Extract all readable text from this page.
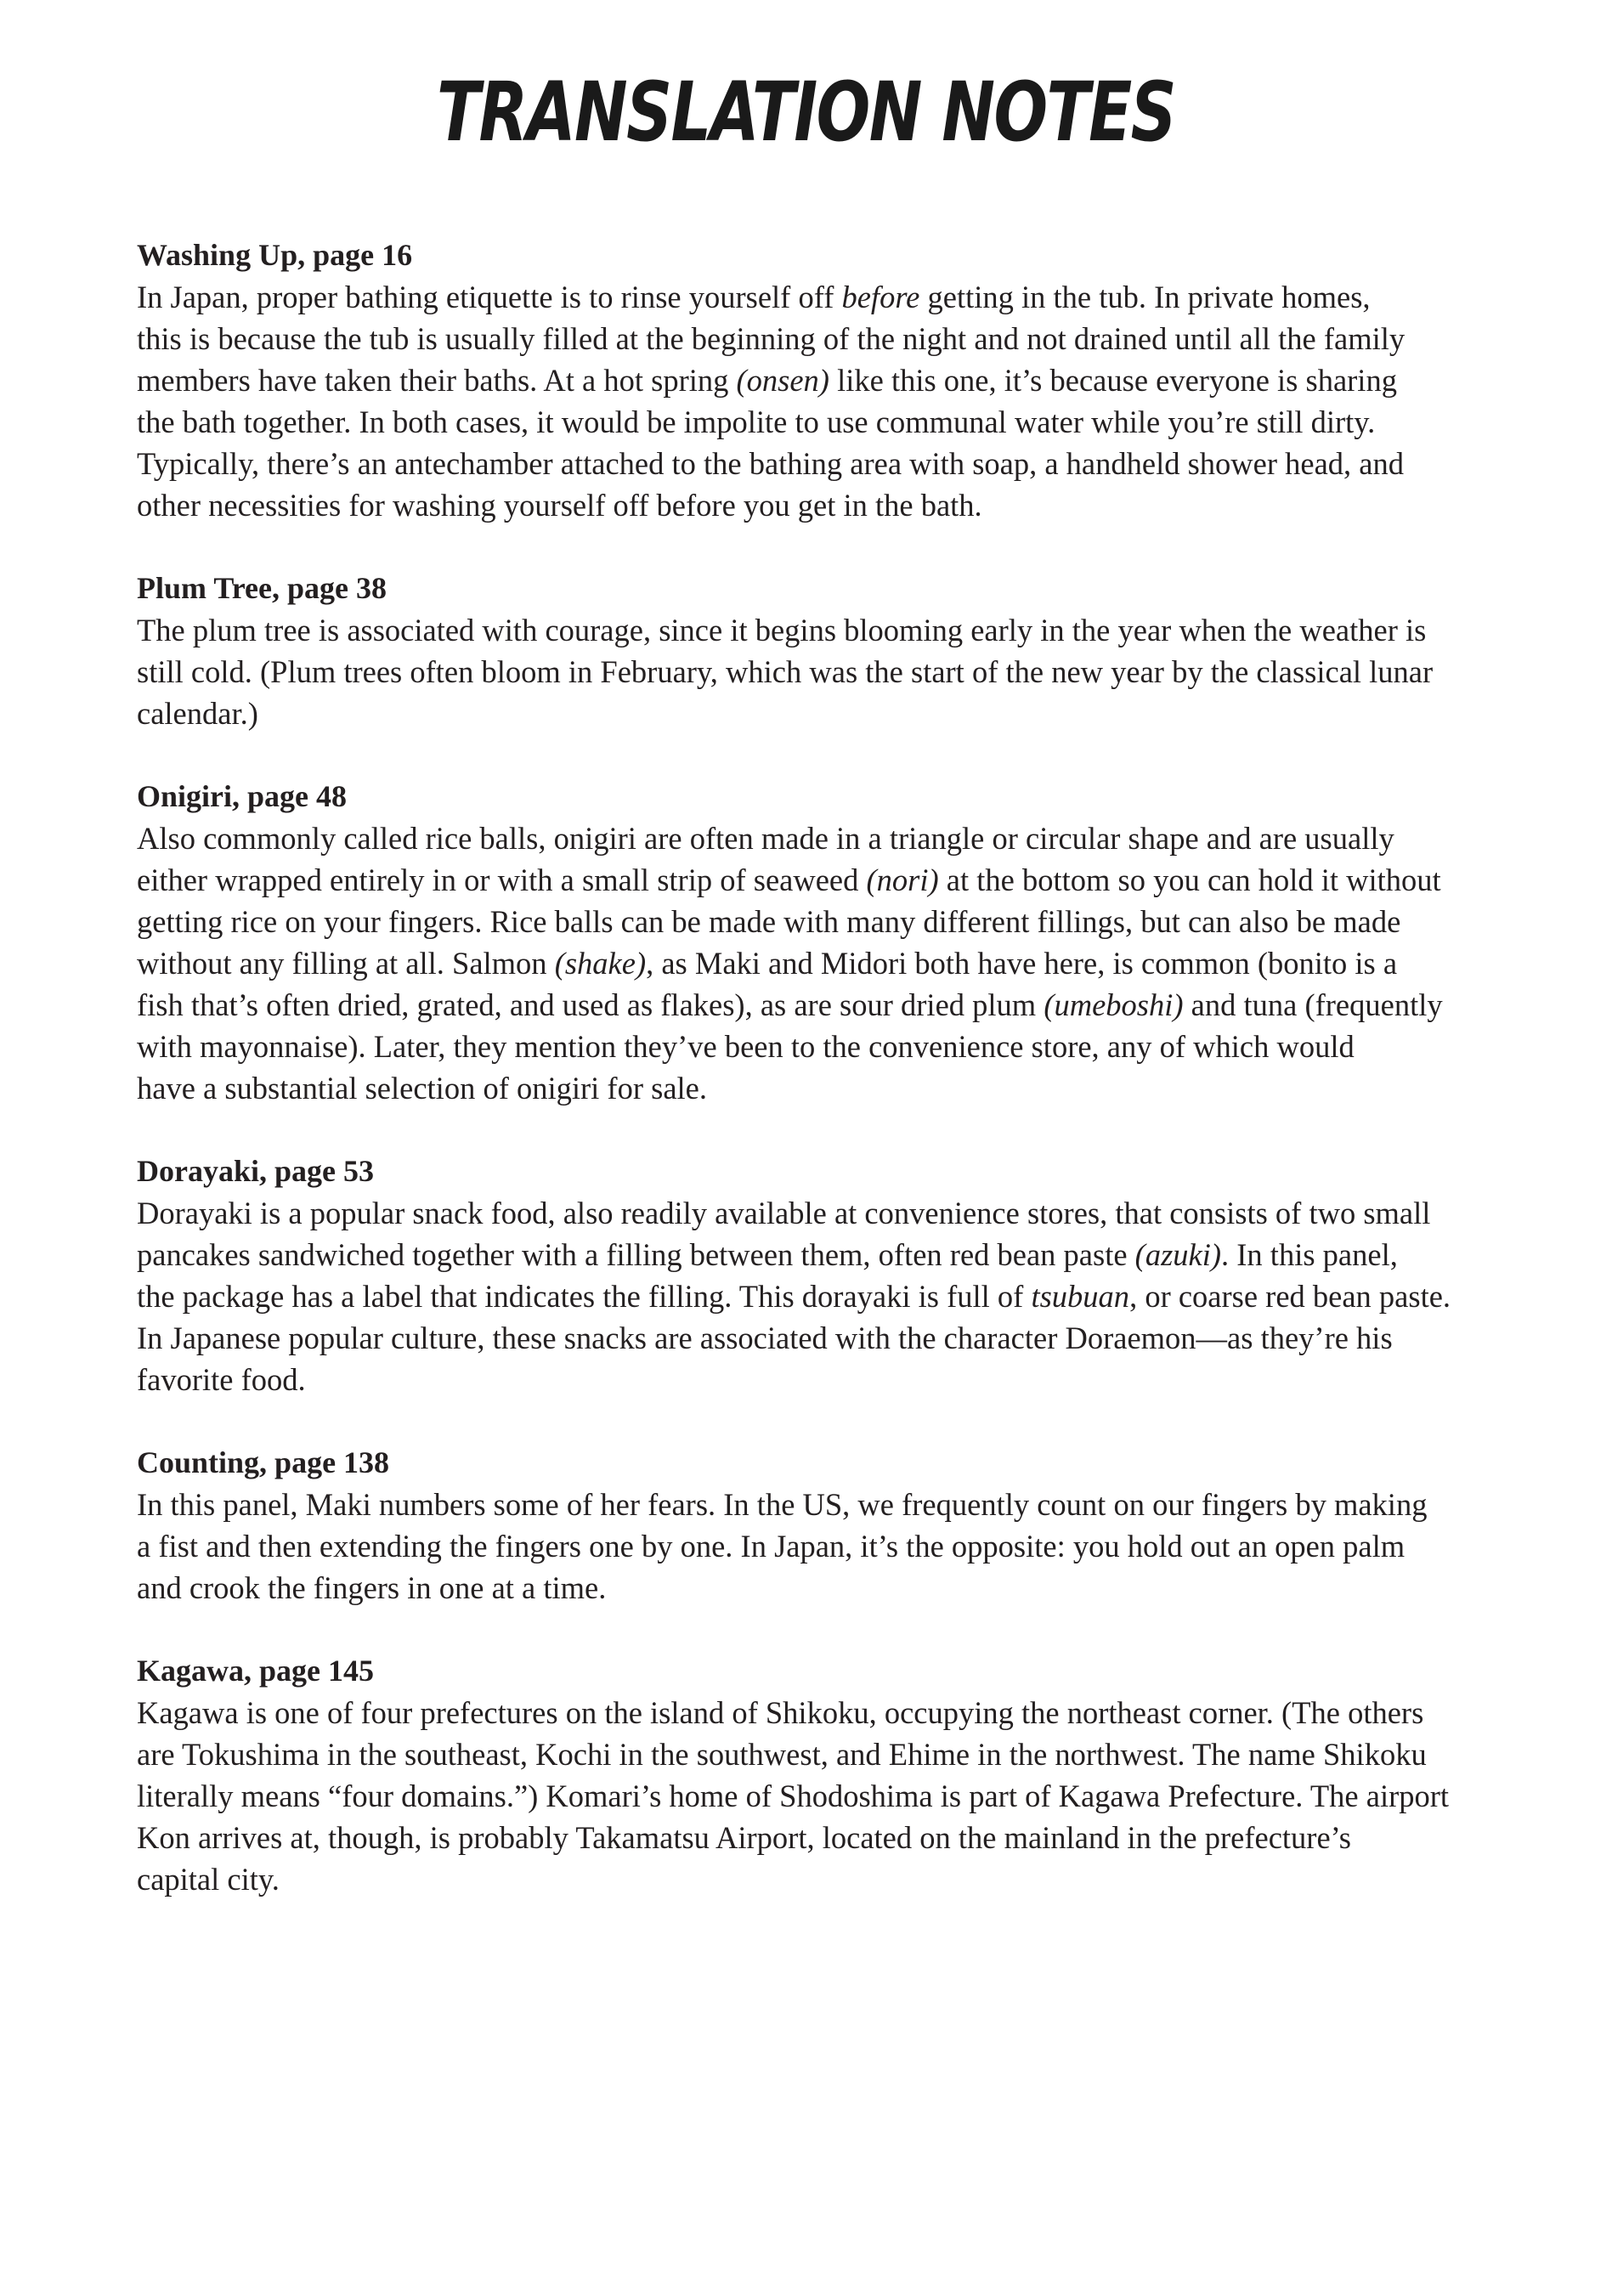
TRANSLATION NOTES
Washing Up, page 16
In Japan, proper bathing etiquette is to rinse yourself off before getting in the tub. In private homes,
this is because the tub is usually filled at the beginning of the night and not drained until all the family
members have taken their baths. At a hot spring (onsen) like this one, it’s because everyone is sharing
the bath together. In both cases, it would be impolite to use communal water while you’re still dirty.
Typically, there’s an antechamber attached to the bathing area with soap, a handheld shower head, and
other necessities for washing yourself off before you get in the bath.
Plum Tree, page 38
The plum tree is associated with courage, since it begins blooming early in the year when the weather is
still cold. (Plum trees often bloom in February, which was the start of the new year by the classical lunar
calendar.)
Onigiri, page 48
Also commonly called rice balls, onigiri are often made in a triangle or circular shape and are usually
either wrapped entirely in or with a small strip of seaweed (nori) at the bottom so you can hold it without
getting rice on your fingers. Rice balls can be made with many different fillings, but can also be made
without any filling at all. Salmon (shake), as Maki and Midori both have here, is common (bonito is a
fish that’s often dried, grated, and used as flakes), as are sour dried plum (umeboshi) and tuna (frequently
with mayonnaise). Later, they mention they’ve been to the convenience store, any of which would
have a substantial selection of onigiri for sale.
Dorayaki, page 53
Dorayaki is a popular snack food, also readily available at convenience stores, that consists of two small
pancakes sandwiched together with a filling between them, often red bean paste (azuki). In this panel,
the package has a label that indicates the filling. This dorayaki is full of tsubuan, or coarse red bean paste.
In Japanese popular culture, these snacks are associated with the character Doraemon—as they’re his
favorite food.
Counting, page 138
In this panel, Maki numbers some of her fears. In the US, we frequently count on our fingers by making
a fist and then extending the fingers one by one. In Japan, it’s the opposite: you hold out an open palm
and crook the fingers in one at a time.
Kagawa, page 145
Kagawa is one of four prefectures on the island of Shikoku, occupying the northeast corner. (The others
are Tokushima in the southeast, Kochi in the southwest, and Ehime in the northwest. The name Shikoku
literally means “four domains.”) Komari’s home of Shodoshima is part of Kagawa Prefecture. The airport
Kon arrives at, though, is probably Takamatsu Airport, located on the mainland in the prefecture’s
capital city.
